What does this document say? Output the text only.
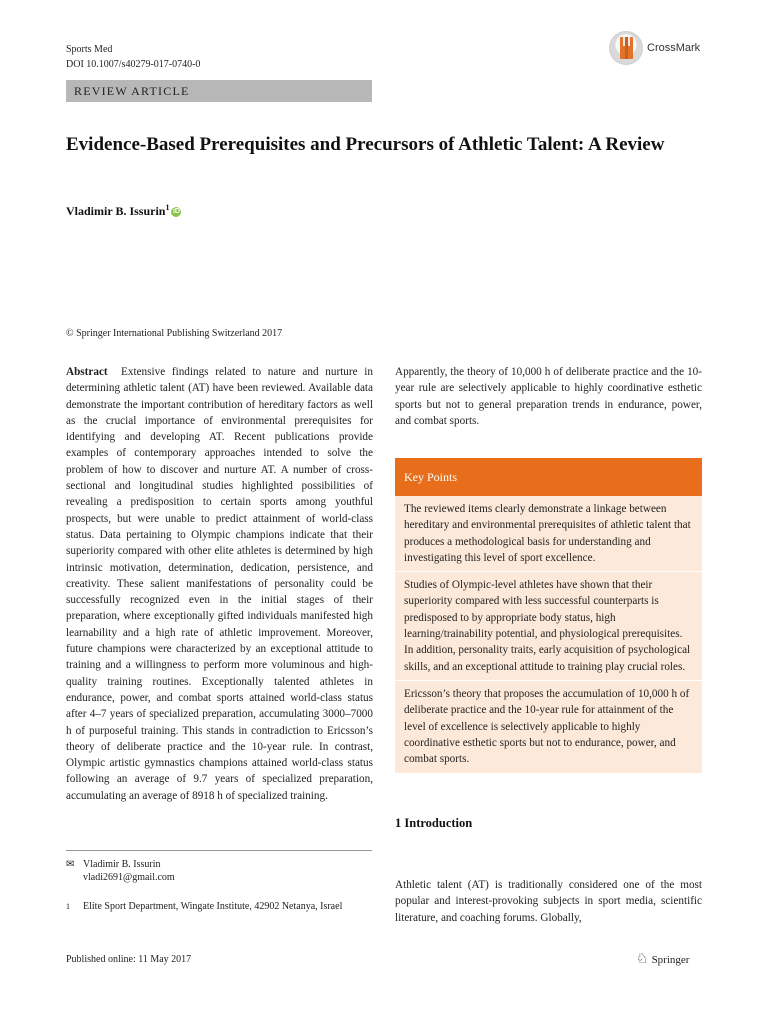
Sports Med
DOI 10.1007/s40279-017-0740-0
CrossMark
REVIEW ARTICLE
Evidence-Based Prerequisites and Precursors of Athletic Talent: A Review
Vladimir B. Issurin$^1$ iD
© Springer International Publishing Switzerland 2017
Abstract Extensive findings related to nature and nurture in determining athletic talent (AT) have been reviewed. Available data demonstrate the important contribution of hereditary factors as well as the crucial importance of environmental prerequisites for identifying and developing AT. Recent publications provide examples of contemporary approaches intended to solve the problem of how to discover and nurture AT. A number of cross-sectional and longitudinal studies highlighted possibilities of revealing a predisposition to certain sports among youthful prospects, but were unable to predict attainment of world-class status. Data pertaining to Olympic champions indicate that their superiority compared with other elite athletes is determined by high intrinsic motivation, determination, dedication, persistence, and creativity. These salient manifestations of personality could be successfully recognized even in the initial stages of their preparation, where exceptionally gifted individuals manifested high learnability and a high rate of athletic improvement. Moreover, future champions were characterized by an exceptional attitude to training and a willingness to perform more voluminous and high-quality training routines. Exceptionally talented athletes in endurance, power, and combat sports attained world-class status after 4–7 years of specialized preparation, accumulating 3000–7000 h of purposeful training. This stands in contradiction to Ericsson’s theory of deliberate practice and the 10-year rule. In contrast, Olympic artistic gymnastics champions attained world-class status following an average of 9.7 years of specialized preparation, accumulating an average of 8918 h of specialized training.
Apparently, the theory of 10,000 h of deliberate practice and the 10-year rule are selectively applicable to highly coordinative esthetic sports but not to general preparation trends in endurance, power, and combat sports.
Key Points
The reviewed items clearly demonstrate a linkage between hereditary and environmental prerequisites of athletic talent that produces a methodological basis for understanding and investigating this level of sport excellence.
Studies of Olympic-level athletes have shown that their superiority compared with less successful counterparts is predisposed to by appropriate body status, high learning/trainability potential, and physiological prerequisites. In addition, personality traits, early acquisition of psychological skills, and an exceptional attitude to training play crucial roles.
Ericsson’s theory that proposes the accumulation of 10,000 h of deliberate practice and the 10-year rule for attainment of the level of excellence is selectively applicable to highly coordinative esthetic sports but not to endurance, power, and combat sports.
1 Introduction
Athletic talent (AT) is traditionally considered one of the most popular and interest-provoking subjects in sport media, scientific literature, and coaching forums. Globally,
✉ Vladimir B. Issurin
vladi2691@gmail.com
1 Elite Sport Department, Wingate Institute, 42902 Netanya, Israel
Published online: 11 May 2017	♘ Springer
